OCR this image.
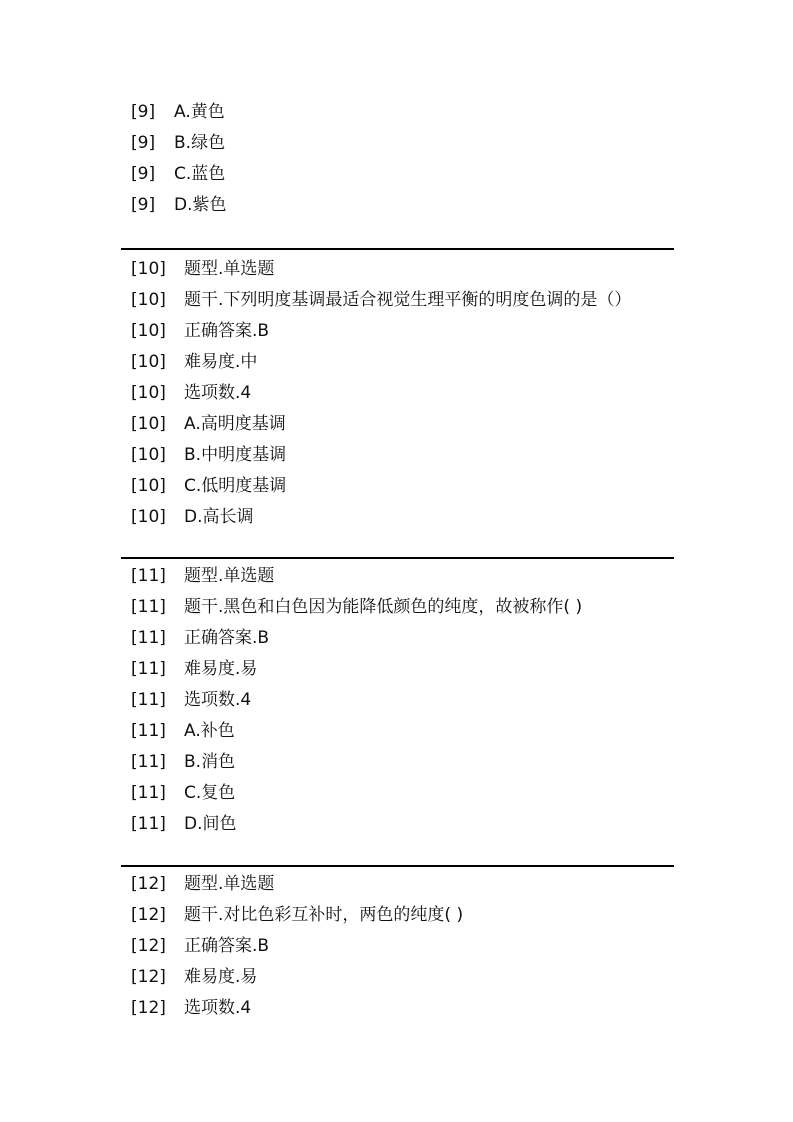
[9] A.黄色
[9] B.绿色
[9] C.蓝色
[9] D.紫色
[10] 题型.单选题
[10] 题干.下列明度基调最适合视觉生理平衡的明度色调的是（）
[10] 正确答案.B
[10] 难易度.中
[10] 选项数.4
[10] A.高明度基调
[10] B.中明度基调
[10] C.低明度基调
[10] D.高长调
[11] 题型.单选题
[11] 题干.黑色和白色因为能降低颜色的纯度，故被称作( )
[11] 正确答案.B
[11] 难易度.易
[11] 选项数.4
[11] A.补色
[11] B.消色
[11] C.复色
[11] D.间色
[12] 题型.单选题
[12] 题干.对比色彩互补时，两色的纯度( )
[12] 正确答案.B
[12] 难易度.易
[12] 选项数.4
